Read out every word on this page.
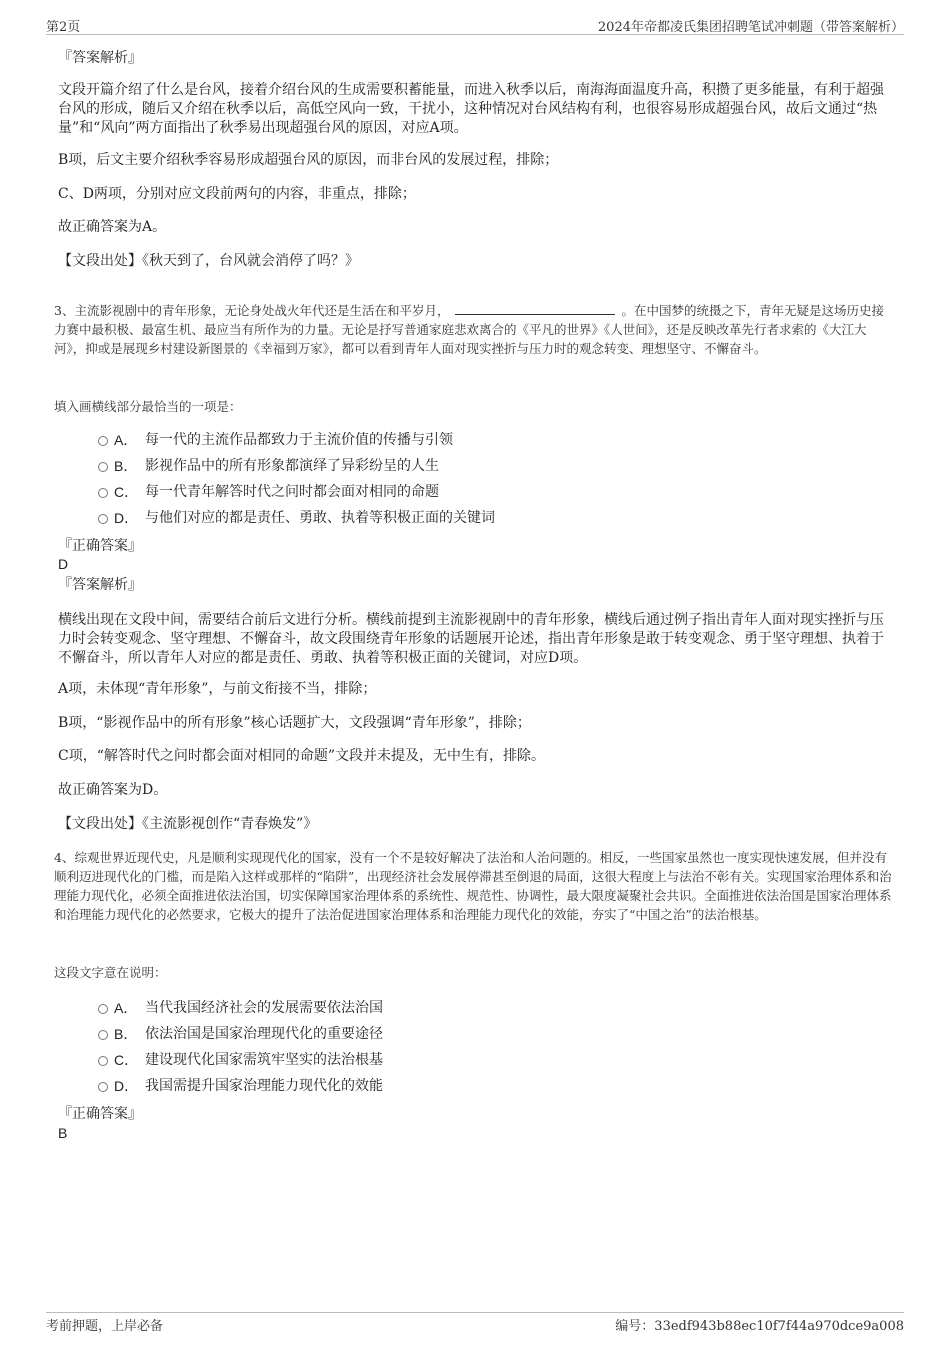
第2页	2024年帝都凌氏集团招聘笔试冲刺题（带答案解析）
『答案解析』

文段开篇介绍了什么是台风，接着介绍台风的生成需要积蓄能量，而进入秋季以后，南海海面温度升高，积攒了更多能量，有利于超强台风的形成，随后又介绍在秋季以后，高低空风向一致，干扰小，这种情况对台风结构有利，也很容易形成超强台风，故后文通过“热量”和“风向”两方面指出了秋季易出现超强台风的原因，对应A项。

B项，后文主要介绍秋季容易形成超强台风的原因，而非台风的发展过程，排除；

C、D两项，分别对应文段前两句的内容，非重点，排除；

故正确答案为A。

【文段出处】《秋天到了，台风就会消停了吗？》

3、主流影视剧中的青年形象，无论身处战火年代还是生活在和平岁月，	。在中国梦的统摄之下，青年无疑是这场历史接力赛中最积极、最富生机、最应当有所作为的力量。无论是抒写普通家庭悲欢离合的《平凡的世界》《人世间》，还是反映改革先行者求索的《大江大河》，抑或是展现乡村建设新图景的《幸福到万家》，都可以看到青年人面对现实挫折与压力时的观念转变、理想坚守、不懈奋斗。

填入画横线部分最恰当的一项是：

A． 每一代的主流作品都致力于主流价值的传播与引领
B． 影视作品中的所有形象都演绎了异彩纷呈的人生
C． 每一代青年解答时代之问时都会面对相同的命题
D． 与他们对应的都是责任、勇敢、执着等积极正面的关键词
『正确答案』
D
『答案解析』

横线出现在文段中间，需要结合前后文进行分析。横线前提到主流影视剧中的青年形象，横线后通过例子指出青年人面对现实挫折与压力时会转变观念、坚守理想、不懈奋斗，故文段围绕青年形象的话题展开论述，指出青年形象是敢于转变观念、勇于坚守理想、执着于不懈奋斗，所以青年人对应的都是责任、勇敢、执着等积极正面的关键词，对应D项。

A项，未体现“青年形象”，与前文衔接不当，排除；

B项，“影视作品中的所有形象”核心话题扩大，文段强调“青年形象”，排除；

C项，“解答时代之问时都会面对相同的命题”文段并未提及，无中生有，排除。

故正确答案为D。

【文段出处】《主流影视创作“青春焕发”》

4、综观世界近现代史，凡是顺利实现现代化的国家，没有一个不是较好解决了法治和人治问题的。相反，一些国家虽然也一度实现快速发展，但并没有顺利迈进现代化的门槛，而是陷入这样或那样的“陷阱”，出现经济社会发展停滞甚至倒退的局面，这很大程度上与法治不彰有关。实现国家治理体系和治理能力现代化，必须全面推进依法治国，切实保障国家治理体系的系统性、规范性、协调性，最大限度凝聚社会共识。全面推进依法治国是国家治理体系和治理能力现代化的必然要求，它极大的提升了法治促进国家治理体系和治理能力现代化的效能，夯实了“中国之治”的法治根基。

这段文字意在说明：

A． 当代我国经济社会的发展需要依法治国
B． 依法治国是国家治理现代化的重要途径
C． 建设现代化国家需筑牢坚实的法治根基
D． 我国需提升国家治理能力现代化的效能
『正确答案』
B
考前押题，上岸必备	编号：33edf943b88ec10f7f44a970dce9a008
